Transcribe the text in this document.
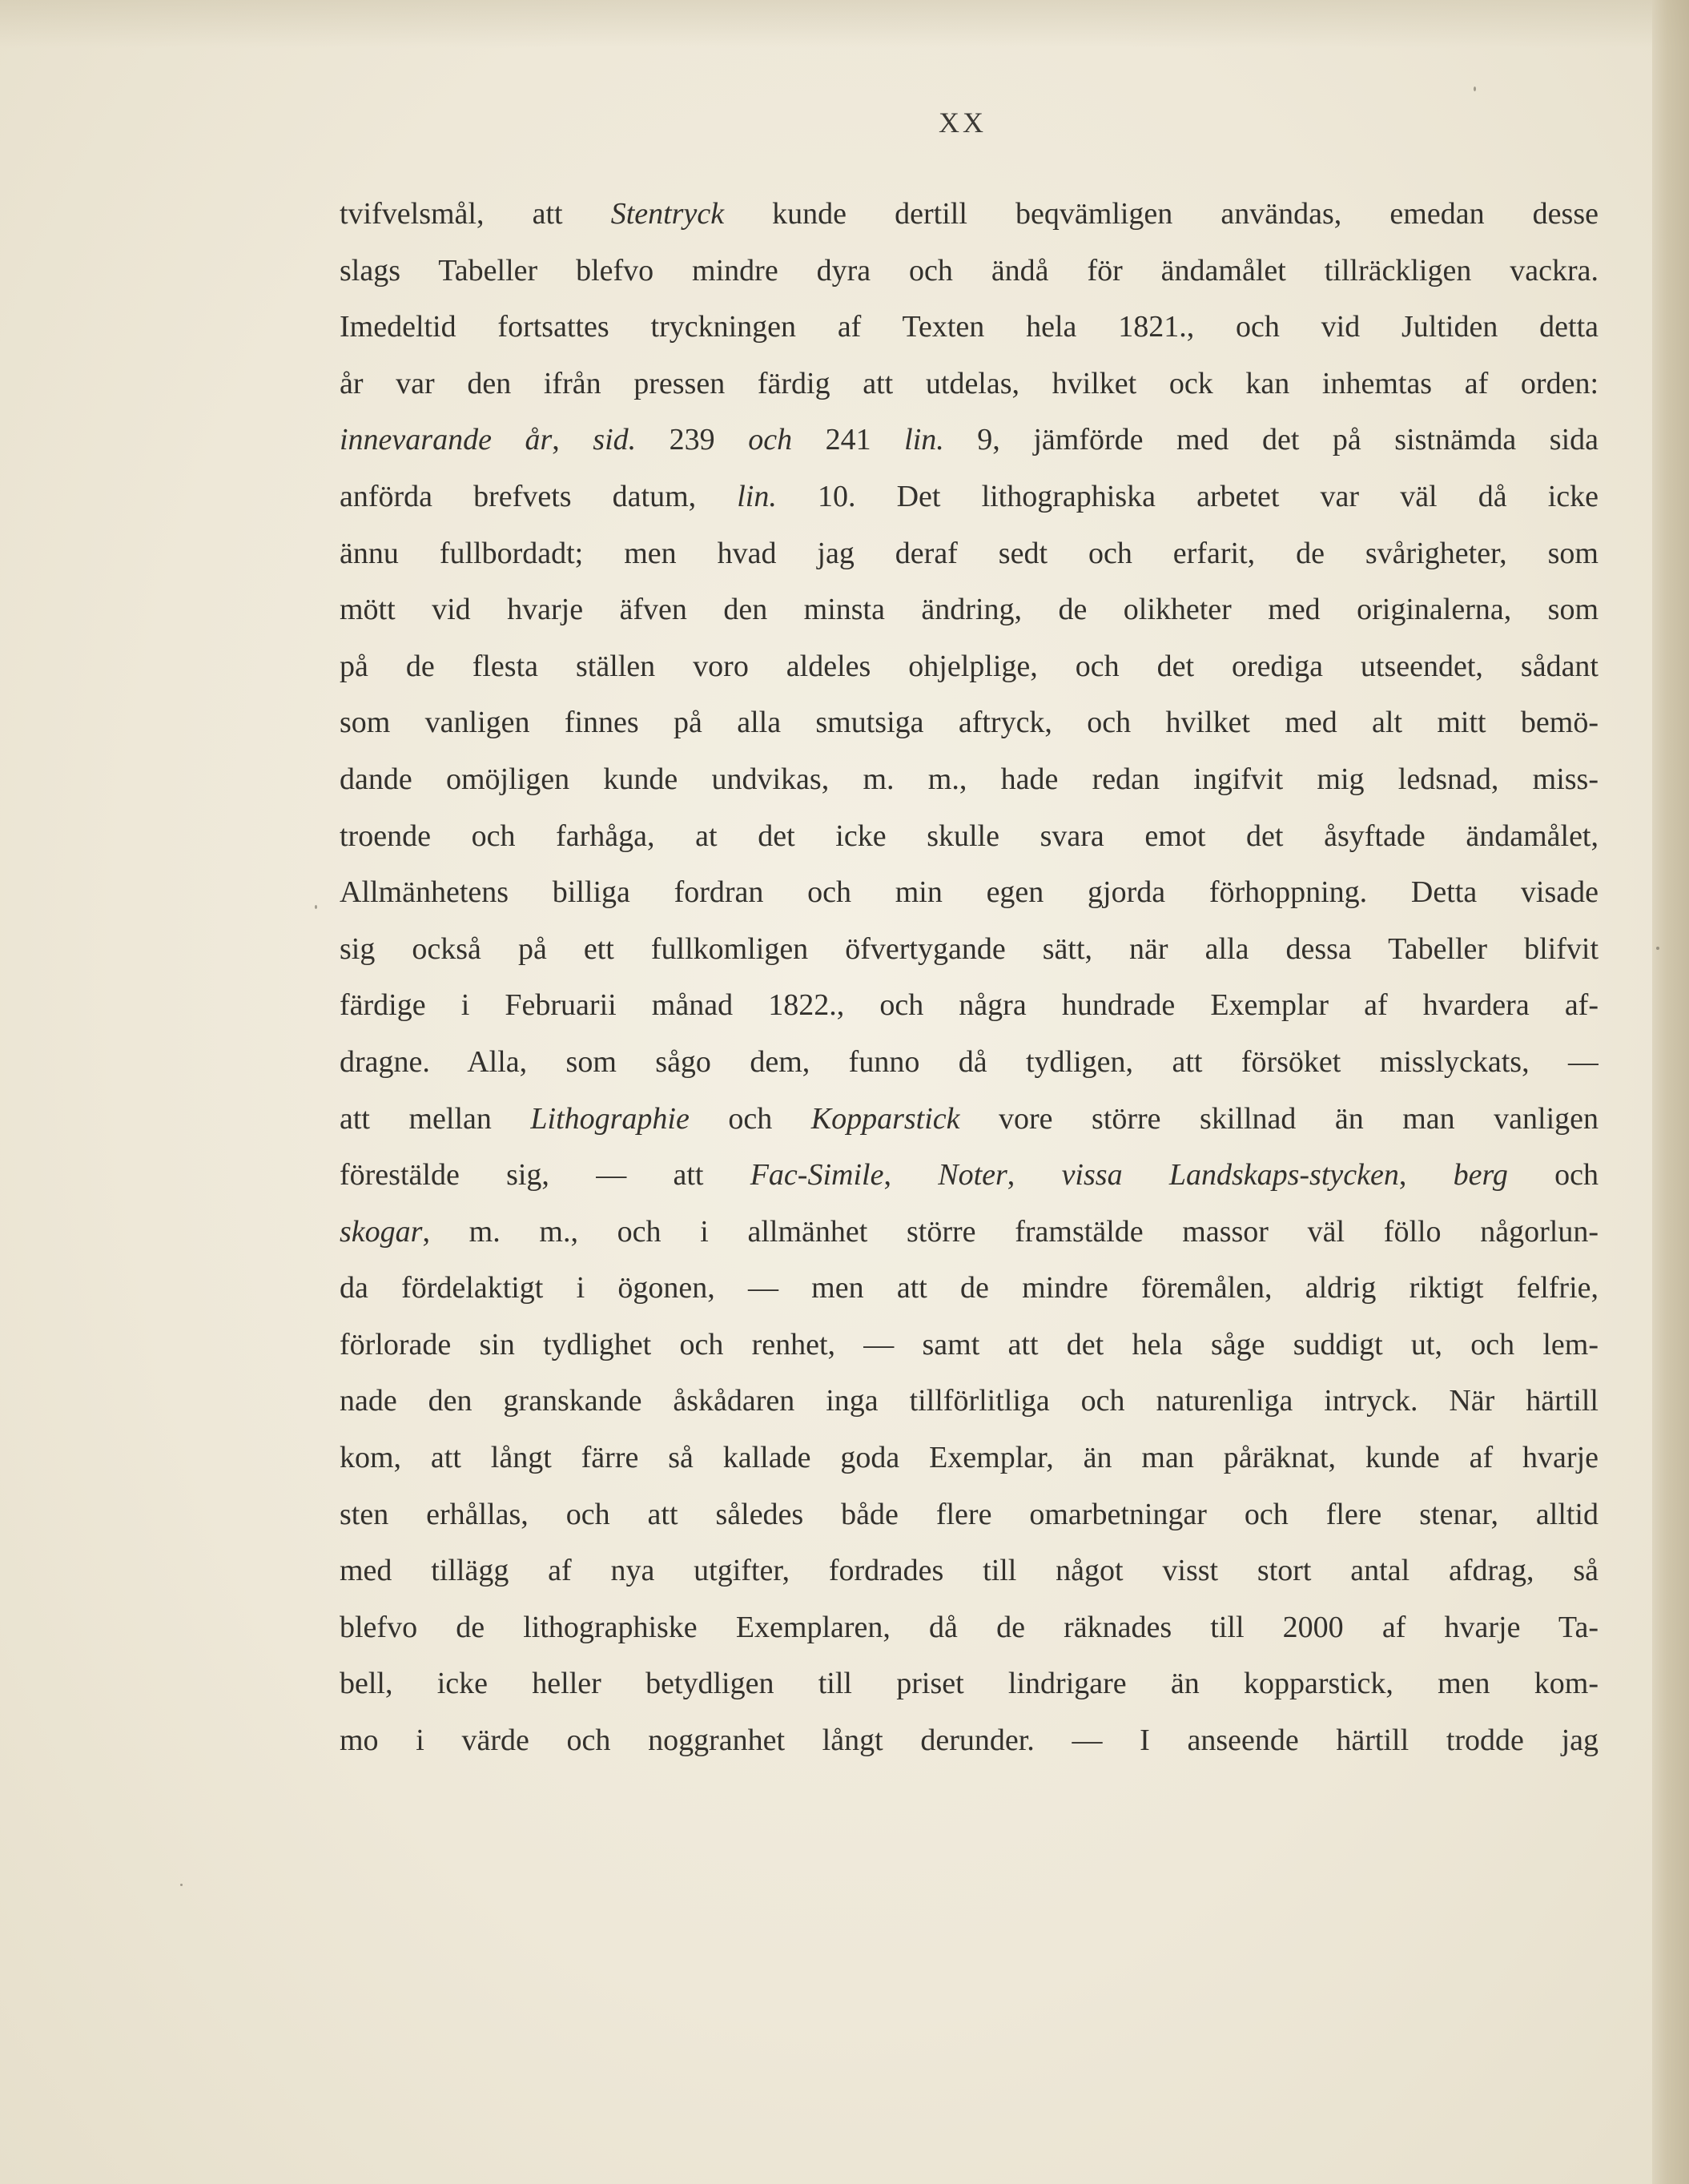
XX
tvifvelsmål, att Stentryck kunde dertill beqvämligen användas, emedan desse
slags Tabeller blefvo mindre dyra och ändå för ändamålet tillräckligen vackra.
Imedeltid fortsattes tryckningen af Texten hela 1821., och vid Jultiden detta
år var den ifrån pressen färdig att utdelas, hvilket ock kan inhemtas af orden:
innevarande år, sid. 239 och 241 lin. 9, jämförde med det på sistnämda sida
anförda brefvets datum, lin. 10. Det lithographiska arbetet var väl då icke
ännu fullbordadt; men hvad jag deraf sedt och erfarit, de svårigheter, som
mött vid hvarje äfven den minsta ändring, de olikheter med originalerna, som
på de flesta ställen voro aldeles ohjelplige, och det orediga utseendet, sådant
som vanligen finnes på alla smutsiga aftryck, och hvilket med alt mitt bemö-
dande omöjligen kunde undvikas, m. m., hade redan ingifvit mig ledsnad, miss-
troende och farhåga, at det icke skulle svara emot det åsyftade ändamålet,
Allmänhetens billiga fordran och min egen gjorda förhoppning. Detta visade
sig också på ett fullkomligen öfvertygande sätt, när alla dessa Tabeller blifvit
färdige i Februarii månad 1822., och några hundrade Exemplar af hvardera af-
dragne. Alla, som sågo dem, funno då tydligen, att försöket misslyckats, —
att mellan Lithographie och Kopparstick vore större skillnad än man vanligen
förestälde sig, — att Fac-Simile, Noter, vissa Landskaps-stycken, berg och
skogar, m. m., och i allmänhet större framstälde massor väl föllo någorlun-
da fördelaktigt i ögonen, — men att de mindre föremålen, aldrig riktigt felfrie,
förlorade sin tydlighet och renhet, — samt att det hela såge suddigt ut, och lem-
nade den granskande åskådaren inga tillförlitliga och naturenliga intryck. När härtill
kom, att långt färre så kallade goda Exemplar, än man påräknat, kunde af hvarje
sten erhållas, och att således både flere omarbetningar och flere stenar, alltid
med tillägg af nya utgifter, fordrades till något visst stort antal afdrag, så
blefvo de lithographiske Exemplaren, då de räknades till 2000 af hvarje Ta-
bell, icke heller betydligen till priset lindrigare än kopparstick, men kom-
mo i värde och noggranhet långt derunder. — I anseende härtill trodde jag
